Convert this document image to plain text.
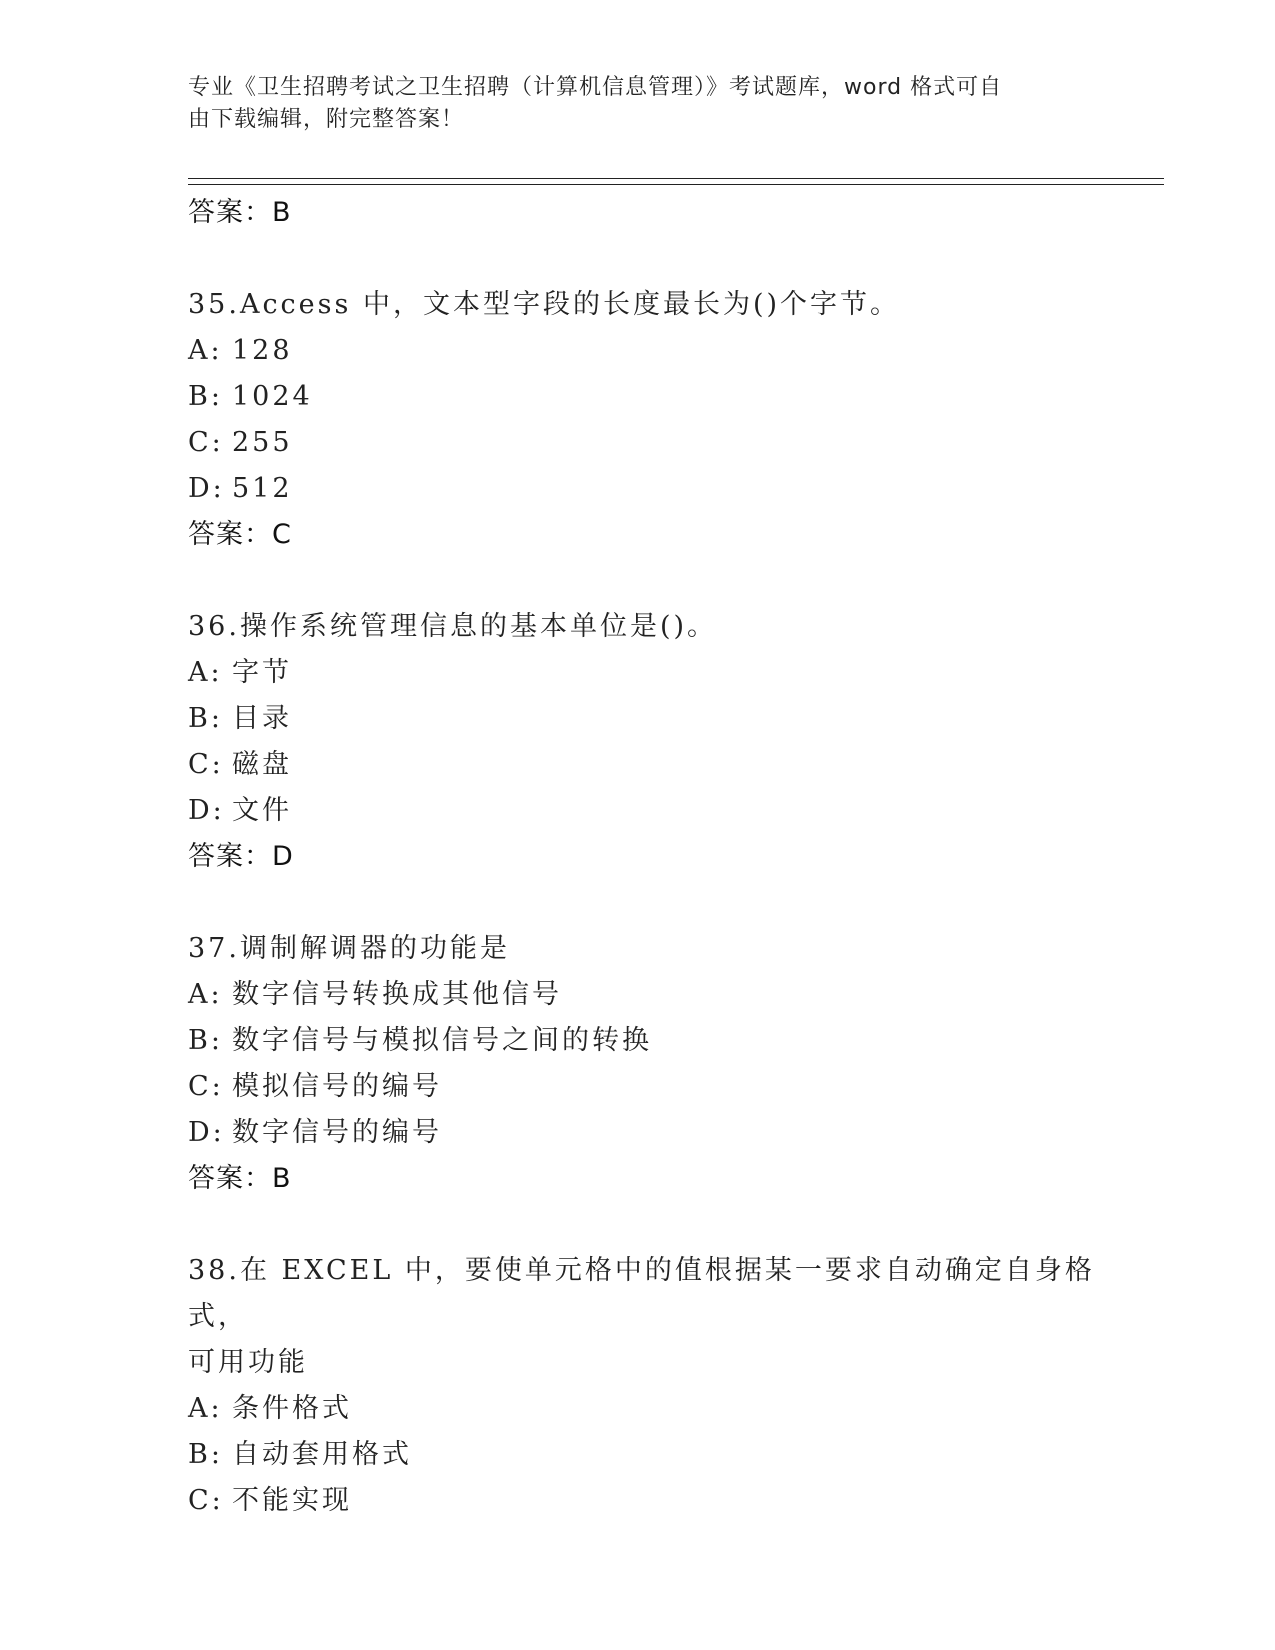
专业《卫生招聘考试之卫生招聘（计算机信息管理）》考试题库，word 格式可自
由下载编辑，附完整答案！
答案：B
35.Access 中，文本型字段的长度最长为()个字节。
A: 128
B: 1024
C: 255
D: 512
答案：C
36.操作系统管理信息的基本单位是()。
A: 字节
B: 目录
C: 磁盘
D: 文件
答案：D
37.调制解调器的功能是
A: 数字信号转换成其他信号
B: 数字信号与模拟信号之间的转换
C: 模拟信号的编号
D: 数字信号的编号
答案：B
38.在 EXCEL 中，要使单元格中的值根据某一要求自动确定自身格式，
可用功能
A: 条件格式
B: 自动套用格式
C: 不能实现
